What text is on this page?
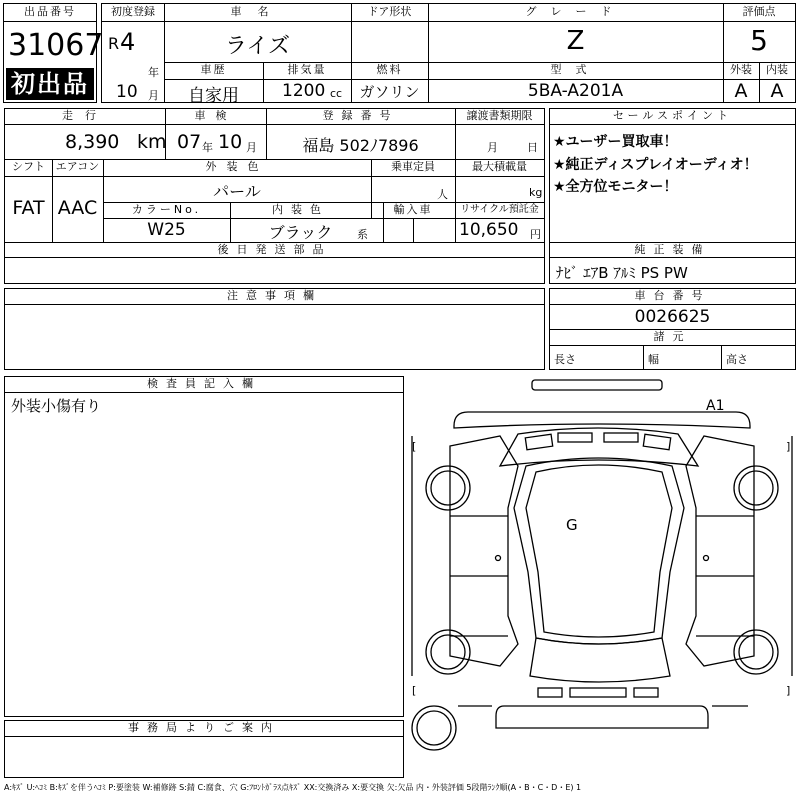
出品番号
31067
初出品
初度登録
R 4
年
10 月
車名
ライズ
ドア形状	グレード
Z
評価点
5
車歴
自家用
排気量
1200 cc
燃料
ガソリン
型式
5BA-A201A
外装
A
内装
A
走行
8,390 km
車検
07 年 10 月
登録番号
福島 502ﾉ7896
譲渡書類期限
月	日
シフト
FAT
エアコン
AAC
外装色
パール
乗車定員
人
最大積載量
kg
カラーNo.
W25
内装色
ブラック	系
輸入車	リサイクル預託金
10,650 円
後日発送部品
セールスポイント
★ユーザー買取車！
★純正ディスプレイオーディオ！
★全方位モニター！
純正装備
ﾅﾋﾞ ｴｱB ｱﾙﾐ PS PW
注意事項欄	車台番号
0026625
諸元
長さ	幅	高さ
検査員記入欄
外装小傷有り
事務局よりご案内
A1
G
[	]
[	]
A:ｷｽﾞ U:ﾍｺﾐ B:ｷｽﾞを伴うﾍｺﾐ P:要塗装 W:補修跡 S:錆 C:腐食、穴 G:ﾌﾛﾝﾄｶﾞﾗｽ点ｷｽﾞ XX:交換済み X:要交換 欠:欠品 内・外装評価 5段階ﾗﾝｸ順(A・B・C・D・E) 1
